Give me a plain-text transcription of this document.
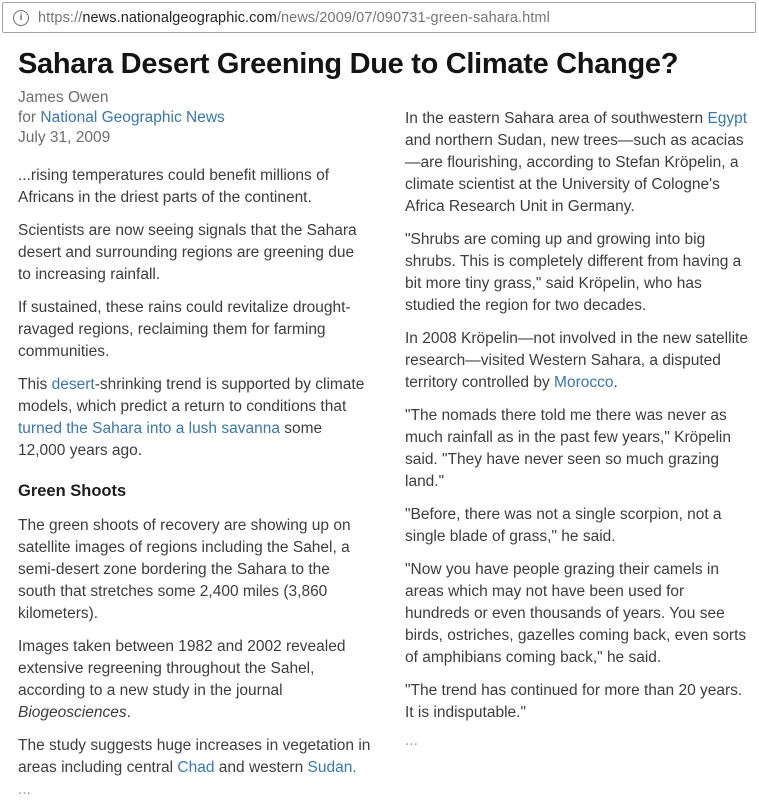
i	https://news.nationalgeographic.com/news/2009/07/090731-green-sahara.html
Sahara Desert Greening Due to Climate Change?
James Owen
for National Geographic News
July 31, 2009

...rising temperatures could benefit millions of Africans in the driest parts of the continent.

Scientists are now seeing signals that the Sahara desert and surrounding regions are greening due to increasing rainfall.

If sustained, these rains could revitalize drought-ravaged regions, reclaiming them for farming communities.

This desert-shrinking trend is supported by climate models, which predict a return to conditions that turned the Sahara into a lush savanna some 12,000 years ago.

Green Shoots

The green shoots of recovery are showing up on satellite images of regions including the Sahel, a semi-desert zone bordering the Sahara to the south that stretches some 2,400 miles (3,860 kilometers).

Images taken between 1982 and 2002 revealed extensive regreening throughout the Sahel, according to a new study in the journal Biogeosciences.

The study suggests huge increases in vegetation in areas including central Chad and western Sudan. ...

In the eastern Sahara area of southwestern Egypt and northern Sudan, new trees—such as acacias—are flourishing, according to Stefan Kröpelin, a climate scientist at the University of Cologne's Africa Research Unit in Germany.

"Shrubs are coming up and growing into big shrubs. This is completely different from having a bit more tiny grass," said Kröpelin, who has studied the region for two decades.

In 2008 Kröpelin—not involved in the new satellite research—visited Western Sahara, a disputed territory controlled by Morocco.

"The nomads there told me there was never as much rainfall as in the past few years," Kröpelin said. "They have never seen so much grazing land."

"Before, there was not a single scorpion, not a single blade of grass," he said.

"Now you have people grazing their camels in areas which may not have been used for hundreds or even thousands of years. You see birds, ostriches, gazelles coming back, even sorts of amphibians coming back," he said.

"The trend has continued for more than 20 years. It is indisputable."

...
